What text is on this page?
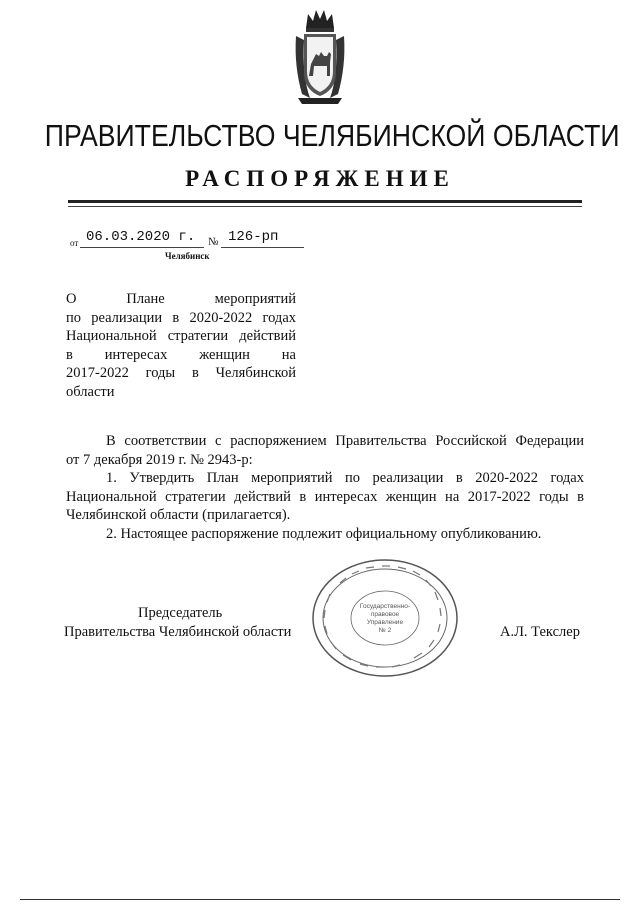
ПРАВИТЕЛЬСТВО ЧЕЛЯБИНСКОЙ ОБЛАСТИ
РАСПОРЯЖЕНИЕ
от 06.03.2020 г.	№ 126-рп
Челябинск
О Плане мероприятий
по реализации в 2020-2022 годах
Национальной стратегии действий
в интересах женщин на
2017-2022 годы в Челябинской
области
В соответствии с распоряжением Правительства Российской Федерации
от 7 декабря 2019 г. № 2943-р:
1. Утвердить План мероприятий по реализации в 2020-2022 годах
Национальной стратегии действий в интересах женщин на 2017-2022 годы в
Челябинской области (прилагается).
2. Настоящее распоряжение подлежит официальному опубликованию.
Председатель
Правительства Челябинской области	А.Л. Текслер
Государственно-
правовое
Управление
№ 2
